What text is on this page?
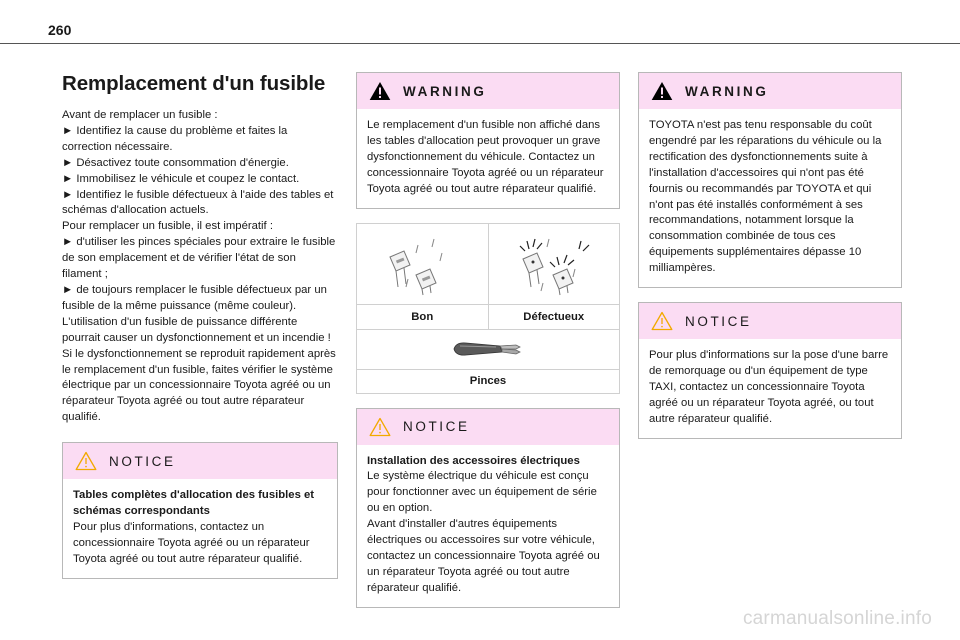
260
Remplacement d'un fusible

Avant de remplacer un fusible :

► Identifiez la cause du problème et faites la correction nécessaire.

► Désactivez toute consommation d'énergie.

► Immobilisez le véhicule et coupez le contact.

► Identifiez le fusible défectueux à l'aide des tables et schémas d'allocation actuels.

Pour remplacer un fusible, il est impératif :

► d'utiliser les pinces spéciales pour extraire le fusible de son emplacement et de vérifier l'état de son filament ;

► de toujours remplacer le fusible défectueux par un fusible de la même puissance (même couleur). L'utilisation d'un fusible de puissance différente pourrait causer un dysfonctionnement et un incendie !

Si le dysfonctionnement se reproduit rapidement après le remplacement d'un fusible, faites vérifier le système électrique par un concessionnaire Toyota agréé ou un réparateur Toyota agréé ou tout autre réparateur qualifié.

NOTICE
Tables complètes d'allocation des fusibles et schémas correspondants
Pour plus d'informations, contactez un concessionnaire Toyota agréé ou un réparateur Toyota agréé ou tout autre réparateur qualifié.
WARNING
Le remplacement d'un fusible non affiché dans les tables d'allocation peut provoquer un grave dysfonctionnement du véhicule. Contactez un concessionnaire Toyota agréé ou un réparateur Toyota agréé ou tout autre réparateur qualifié.
Bon	Défectueux
Pinces
NOTICE
Installation des accessoires électriques
Le système électrique du véhicule est conçu pour fonctionner avec un équipement de série ou en option.
Avant d'installer d'autres équipements électriques ou accessoires sur votre véhicule, contactez un concessionnaire Toyota agréé ou un réparateur Toyota agréé ou tout autre réparateur qualifié.
WARNING
TOYOTA n'est pas tenu responsable du coût engendré par les réparations du véhicule ou la rectification des dysfonctionnements suite à l'installation d'accessoires qui n'ont pas été fournis ou recommandés par TOYOTA et qui n'ont pas été installés conformément à ses recommandations, notamment lorsque la consommation combinée de tous ces équipements supplémentaires dépasse 10 milliampères.
NOTICE
Pour plus d'informations sur la pose d'une barre de remorquage ou d'un équipement de type TAXI, contactez un concessionnaire Toyota agréé ou un réparateur Toyota agréé, ou tout autre réparateur qualifié.
carmanualsonline.info
